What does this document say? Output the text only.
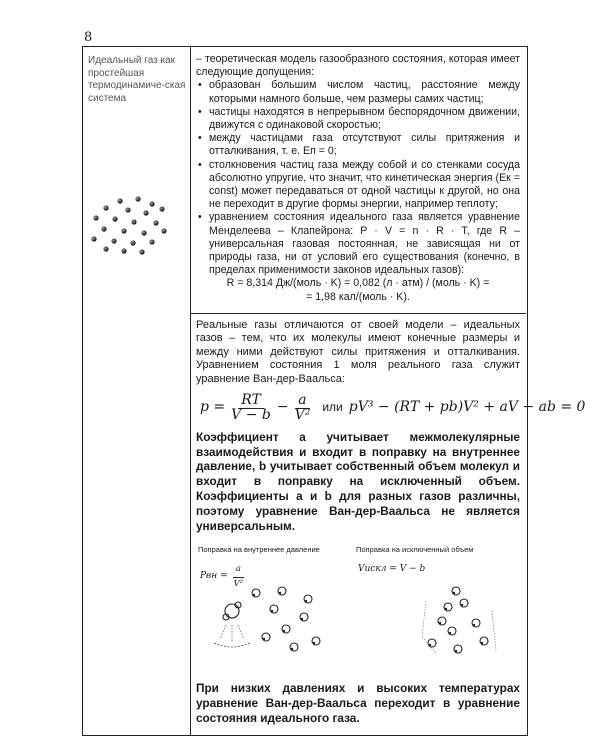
8
Идеальный газ как простейшая термодинамиче-ская система

– теоретическая модель газообразного состояния, которая имеет следующие допущения:

• образован большим числом частиц, расстояние между которыми намного больше, чем размеры самих частиц;
• частицы находятся в непрерывном беспорядочном движении, движутся с одинаковой скоростью;
• между частицами газа отсутствуют силы притяжения и отталкивания, т. е. Eп = 0;
• столкновения частиц газа между собой и со стенками сосуда абсолютно упругие, что значит, что кинетическая энергия (Eк = const) может передаваться от одной частицы к другой, но она не переходит в другие формы энергии, например теплоту;
• уравнением состояния идеального газа является уравнение Менделеева – Клапейрона: P · V = n · R · T, где R – универсальная газовая постоянная, не зависящая ни от природы газа, ни от условий его существования (конечно, в пределах применимости законов идеальных газов):

R = 8,314 Дж/(моль · K) = 0,082 (л · атм) / (моль · K) =

= 1,98 кал/(моль · K).

Реальные газы отличаются от своей модели – идеальных газов – тем, что их молекулы имеют конечные размеры и между ними действуют силы притяжения и отталкивания. Уравнением состояния 1 моля реального газа служит уравнение Ван-дер-Ваальса:

$p = \frac{RT}{V - b} - \frac{a}{\text{V²}}$ или pV³ − (RT + pb)V² + aV − ab = 0

Коэффициент a учитывает межмолекулярные взаимодействия и входит в поправку на внутреннее давление, b учитывает собственный объем молекул и входит в поправку на исключенный объем. Коэффициенты a и b для разных газов различны, поэтому уравнение Ван-дер-Ваальса не является универсальным.

Поправка на внутреннее давление
Pвн = $\frac{a}{\text{V²}}$
Поправка на исключенный объем
Vискл = V − b

При низких давлениях и высоких температурах уравнение Ван-дер-Ваальса переходит в уравнение состояния идеального газа.
